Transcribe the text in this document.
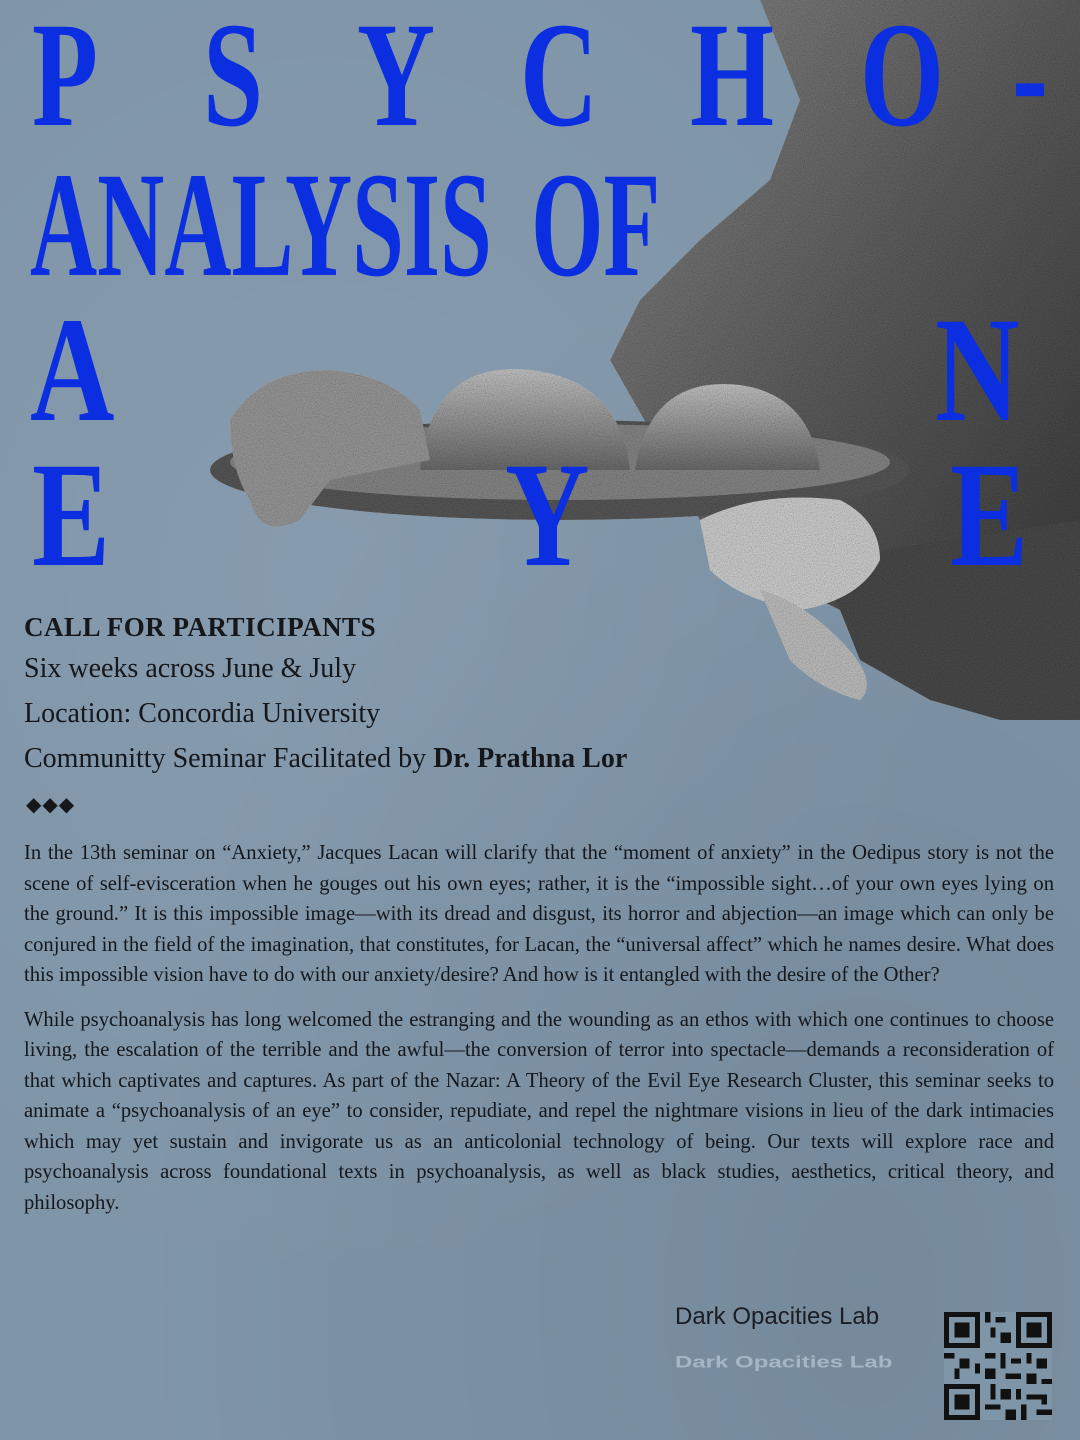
P S Y C H O -
ANALYSIS OF
A	N
E	Y E
CALL FOR PARTICIPANTS
Six weeks across June & July
Location: Concordia University
Communitty Seminar Facilitated by Dr. Prathna Lor
◆◆◆

In the 13th seminar on “Anxiety,” Jacques Lacan will clarify that the “moment of anxiety” in the Oedipus story is not the scene of self-evisceration when he gouges out his own eyes; rather, it is the “impossible sight…of your own eyes lying on the ground.” It is this impossible image—with its dread and disgust, its horror and abjection—an image which can only be conjured in the field of the imagination, that constitutes, for Lacan, the “universal affect” which he names desire. What does this impossible vision have to do with our anxiety/desire? And how is it entangled with the desire of the Other?

While psychoanalysis has long welcomed the estranging and the wounding as an ethos with which one continues to choose living, the escalation of the terrible and the awful—the conversion of terror into spectacle—demands a reconsideration of that which captivates and captures. As part of the Nazar: A Theory of the Evil Eye Research Cluster, this seminar seeks to animate a “psychoanalysis of an eye” to consider, repudiate, and repel the nightmare visions in lieu of the dark intimacies which may yet sustain and invigorate us as an anticolonial technology of being. Our texts will explore race and psychoanalysis across foundational texts in psychoanalysis, as well as black studies, aesthetics, critical theory, and philosophy.

Dark Opacities Lab
Dark Opacities Lab
